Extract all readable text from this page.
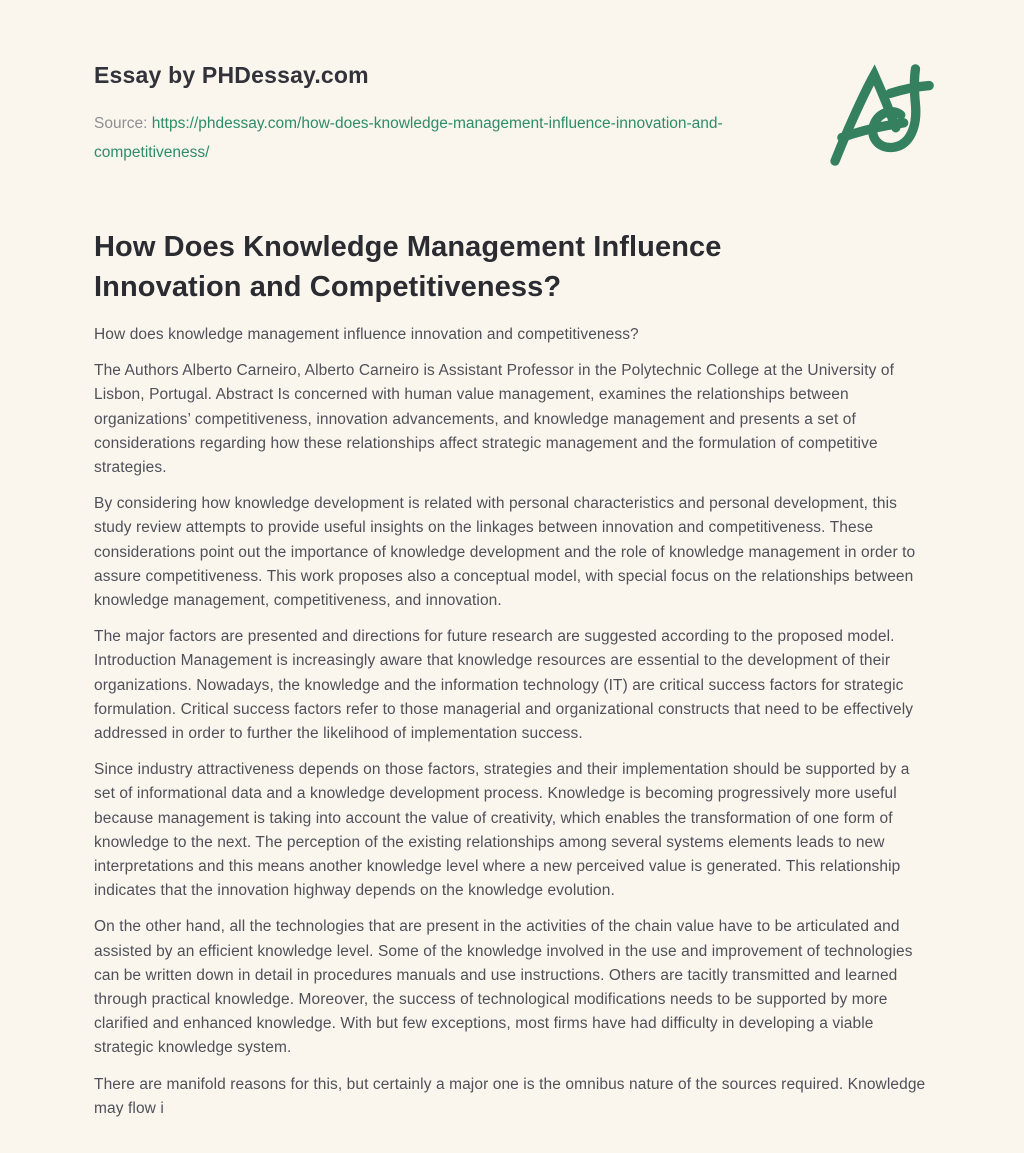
Essay by PHDessay.com
Source: https://phdessay.com/how-does-knowledge-management-influence-innovation-and-competitiveness/
How Does Knowledge Management Influence Innovation and Competitiveness?

How does knowledge management influence innovation and competitiveness?

The Authors Alberto Carneiro, Alberto Carneiro is Assistant Professor in the Polytechnic College at the University of Lisbon, Portugal. Abstract Is concerned with human value management, examines the relationships between organizations’ competitiveness, innovation advancements, and knowledge management and presents a set of considerations regarding how these relationships affect strategic management and the formulation of competitive strategies.

By considering how knowledge development is related with personal characteristics and personal development, this study review attempts to provide useful insights on the linkages between innovation and competitiveness. These considerations point out the importance of knowledge development and the role of knowledge management in order to assure competitiveness. This work proposes also a conceptual model, with special focus on the relationships between knowledge management, competitiveness, and innovation.

The major factors are presented and directions for future research are suggested according to the proposed model. Introduction Management is increasingly aware that knowledge resources are essential to the development of their organizations. Nowadays, the knowledge and the information technology (IT) are critical success factors for strategic formulation. Critical success factors refer to those managerial and organizational constructs that need to be effectively addressed in order to further the likelihood of implementation success.

Since industry attractiveness depends on those factors, strategies and their implementation should be supported by a set of informational data and a knowledge development process. Knowledge is becoming progressively more useful because management is taking into account the value of creativity, which enables the transformation of one form of knowledge to the next. The perception of the existing relationships among several systems elements leads to new interpretations and this means another knowledge level where a new perceived value is generated. This relationship indicates that the innovation highway depends on the knowledge evolution.

On the other hand, all the technologies that are present in the activities of the chain value have to be articulated and assisted by an efficient knowledge level. Some of the knowledge involved in the use and improvement of technologies can be written down in detail in procedures manuals and use instructions. Others are tacitly transmitted and learned through practical knowledge. Moreover, the success of technological modifications needs to be supported by more clarified and enhanced knowledge. With but few exceptions, most firms have had difficulty in developing a viable strategic knowledge system.

There are manifold reasons for this, but certainly a major one is the omnibus nature of the sources required. Knowledge may flow i
